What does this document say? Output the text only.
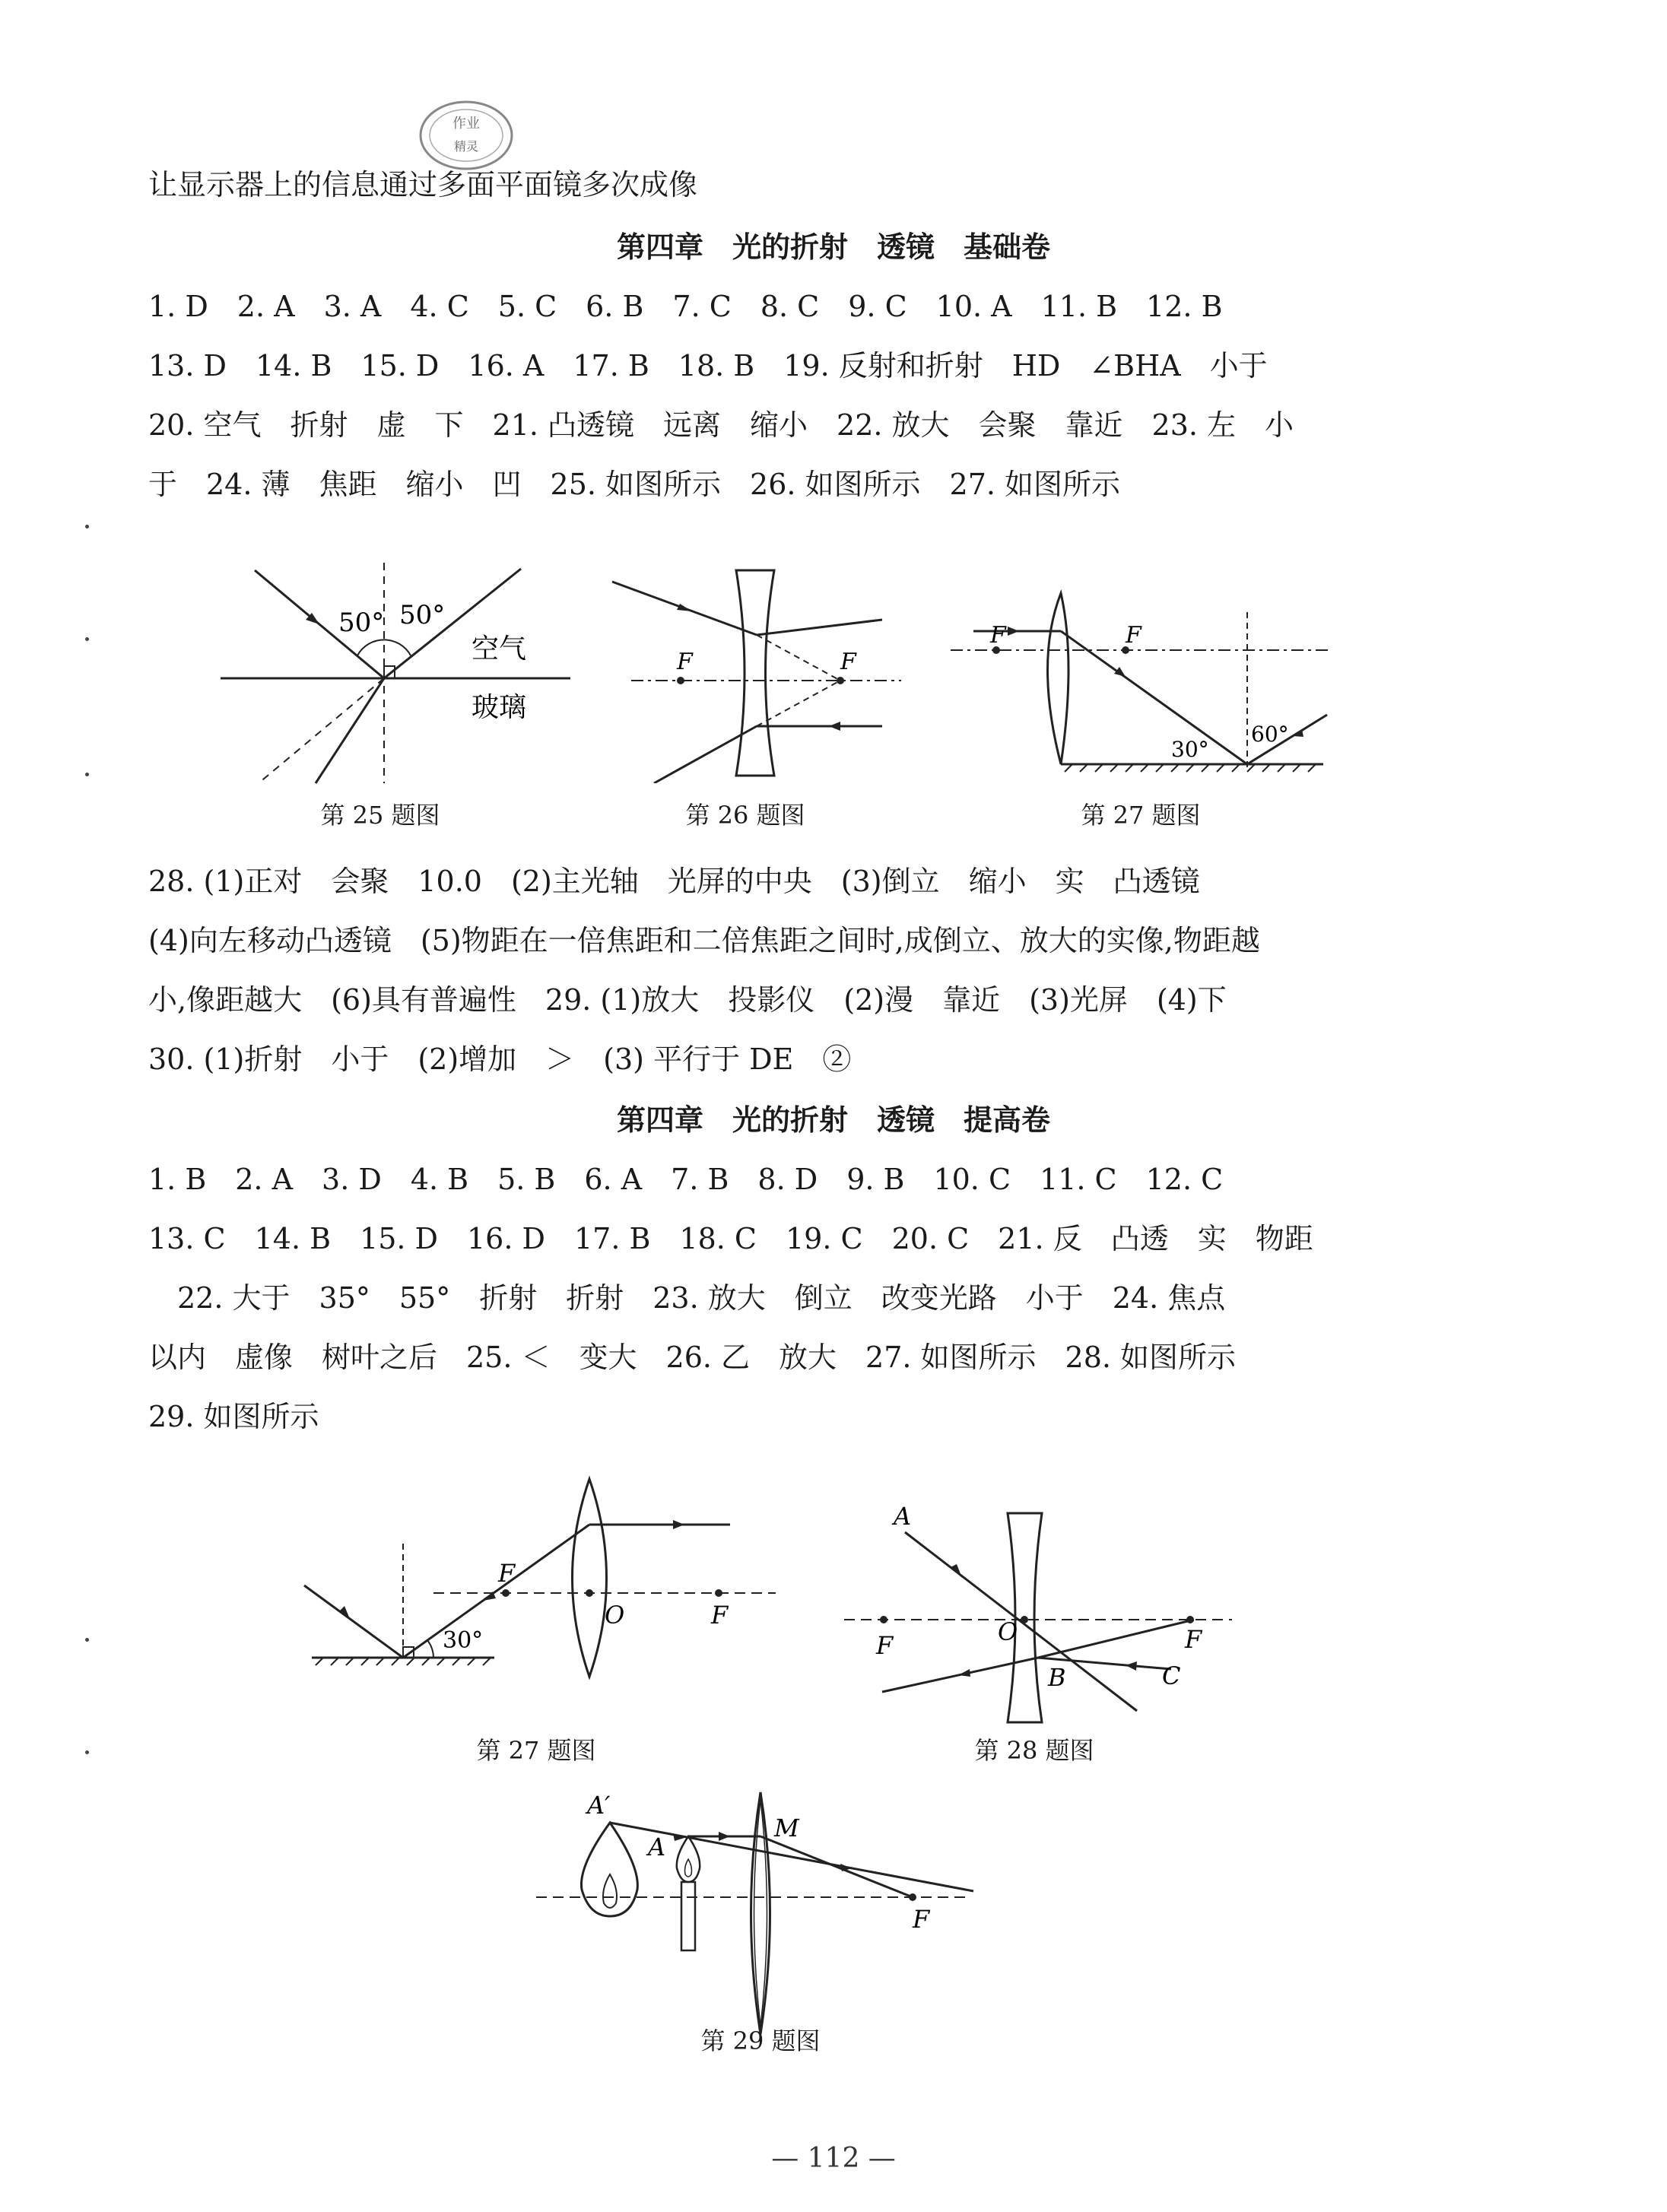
作业
精灵
让显示器上的信息通过多面平面镜多次成像
第四章　光的折射　透镜　基础卷
1. D　2. A　3. A　4. C　5. C　6. B　7. C　8. C　9. C　10. A　11. B　12. B
13. D　14. B　15. D　16. A　17. B　18. B　19. 反射和折射　HD　∠BHA　小于
20. 空气　折射　虚　下　21. 凸透镜　远离　缩小　22. 放大　会聚　靠近　23. 左　小
于　24. 薄　焦距　缩小　凹　25. 如图所示　26. 如图所示　27. 如图所示
50° 50°
空气
玻璃
第 25 题图
F	F
第 26 题图
F	F
30°
60°
第 27 题图
28. (1)正对　会聚　10.0　(2)主光轴　光屏的中央　(3)倒立　缩小　实　凸透镜
(4)向左移动凸透镜　(5)物距在一倍焦距和二倍焦距之间时,成倒立、放大的实像,物距越
小,像距越大　(6)具有普遍性　29. (1)放大　投影仪　(2)漫　靠近　(3)光屏　(4)下
30. (1)折射　小于　(2)增加　＞　(3) 平行于 DE　②
第四章　光的折射　透镜　提高卷
1. B　2. A　3. D　4. B　5. B　6. A　7. B　8. D　9. B　10. C　11. C　12. C
13. C　14. B　15. D　16. D　17. B　18. C　19. C　20. C　21. 反　凸透　实　物距
　22. 大于　35°　55°　折射　折射　23. 放大　倒立　改变光路　小于　24. 焦点
以内　虚像　树叶之后　25. ＜　变大　26. 乙　放大　27. 如图所示　28. 如图所示
29. 如图所示
F
O	F
30°
第 27 题图
A
F	O	F
B	C
第 28 题图
A′
A
M
F
第 29 题图
— 112 —
